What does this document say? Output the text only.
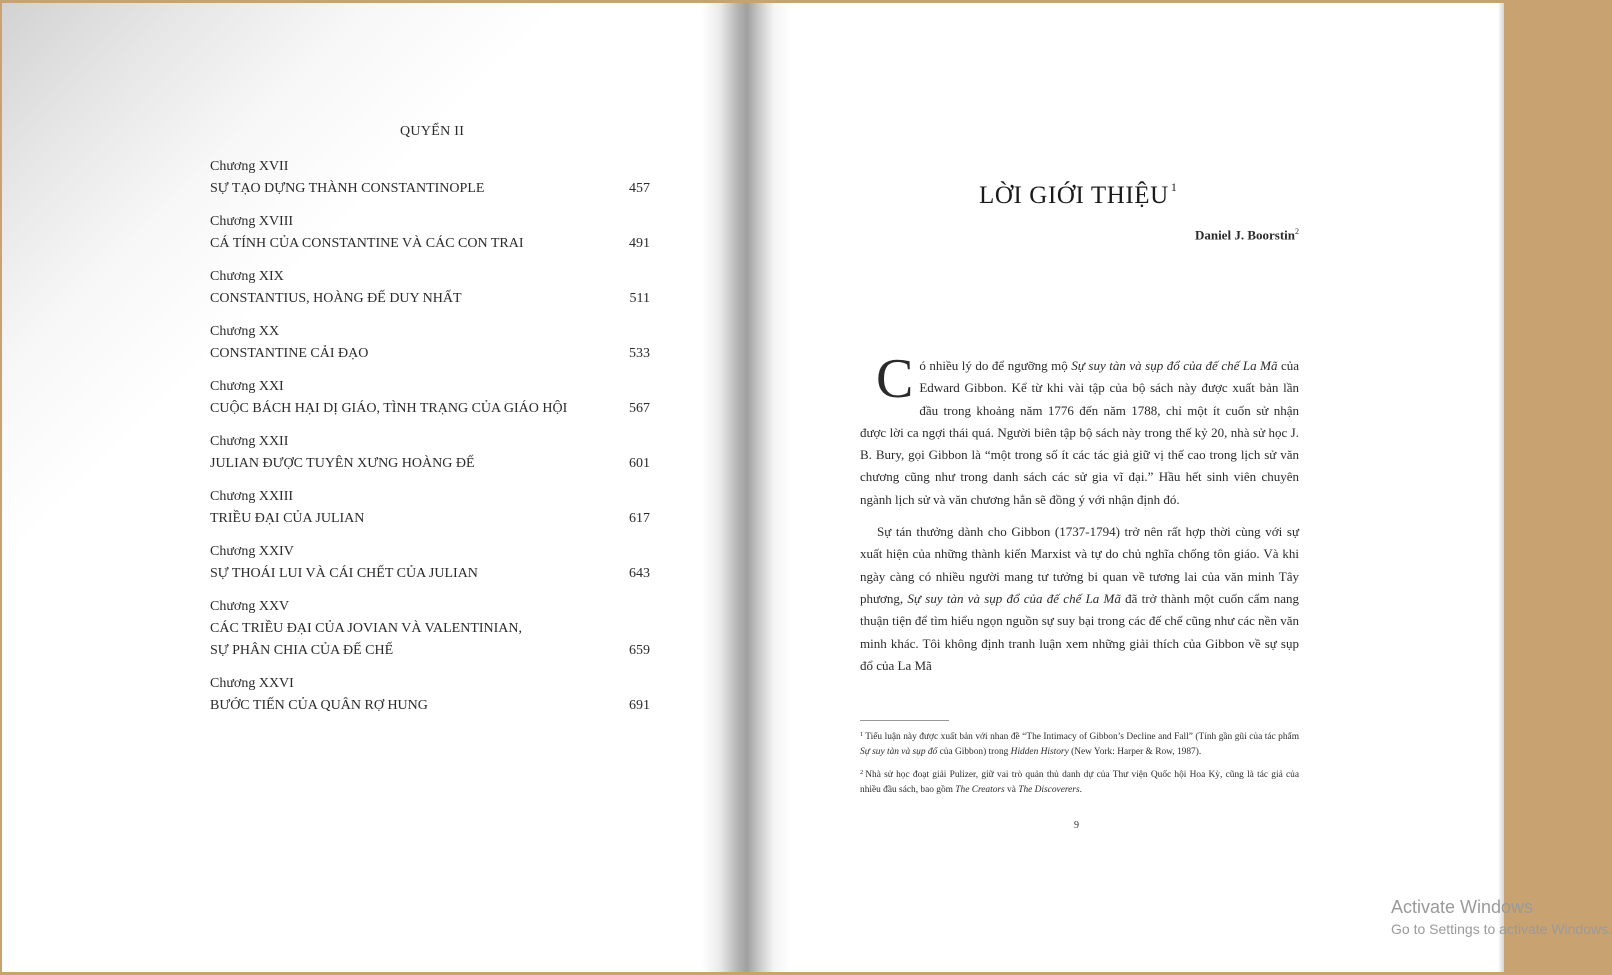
QUYỂN II
Chương XVII
SỰ TẠO DỰNG THÀNH CONSTANTINOPLE	457
Chương XVIII
CÁ TÍNH CỦA CONSTANTINE VÀ CÁC CON TRAI	491
Chương XIX
CONSTANTIUS, HOÀNG ĐẾ DUY NHẤT	511
Chương XX
CONSTANTINE CẢI ĐẠO	533
Chương XXI
CUỘC BÁCH HẠI DỊ GIÁO, TÌNH TRẠNG CỦA GIÁO HỘI	567
Chương XXII
JULIAN ĐƯỢC TUYÊN XƯNG HOÀNG ĐẾ	601
Chương XXIII
TRIỀU ĐẠI CỦA JULIAN	617
Chương XXIV
SỰ THOÁI LUI VÀ CÁI CHẾT CỦA JULIAN	643
Chương XXV
CÁC TRIỀU ĐẠI CỦA JOVIAN VÀ VALENTINIAN,
SỰ PHÂN CHIA CỦA ĐẾ CHẾ	659
Chương XXVI
BƯỚC TIẾN CỦA QUÂN RỢ HUNG	691
LỜI GIỚI THIỆU $^1$
Daniel J. Boorstin$^2$

Có nhiều lý do để ngưỡng mộ Sự suy tàn và sụp đổ của đế chế La Mã của Edward Gibbon. Kể từ khi vài tập của bộ sách này được xuất bản lần đầu trong khoảng năm 1776 đến năm 1788, chỉ một ít cuốn sử nhận được lời ca ngợi thái quá. Người biên tập bộ sách này trong thế kỷ 20, nhà sử học J. B. Bury, gọi Gibbon là “một trong số ít các tác giả giữ vị thế cao trong lịch sử văn chương cũng như trong danh sách các sử gia vĩ đại.” Hầu hết sinh viên chuyên ngành lịch sử và văn chương hẳn sẽ đồng ý với nhận định đó.

Sự tán thưởng dành cho Gibbon (1737-1794) trở nên rất hợp thời cùng với sự xuất hiện của những thành kiến Marxist và tự do chủ nghĩa chống tôn giáo. Và khi ngày càng có nhiều người mang tư tưởng bi quan về tương lai của văn minh Tây phương, Sự suy tàn và sụp đổ của đế chế La Mã đã trở thành một cuốn cẩm nang thuận tiện để tìm hiểu ngọn nguồn sự suy bại trong các đế chế cũng như các nền văn minh khác. Tôi không định tranh luận xem những giải thích của Gibbon về sự sụp đổ của La Mã

$^1$ Tiểu luận này được xuất bản với nhan đề “The Intimacy of Gibbon’s Decline and Fall” (Tính gần gũi của tác phẩm Sự suy tàn và sụp đổ của Gibbon) trong Hidden History (New York: Harper & Row, 1987).

$^2$ Nhà sử học đoạt giải Pulizer, giữ vai trò quản thủ danh dự của Thư viện Quốc hội Hoa Kỳ, cũng là tác giả của nhiều đầu sách, bao gồm The Creators và The Discoverers.

9
Activate Windows
Go to Settings to activate Windows.
